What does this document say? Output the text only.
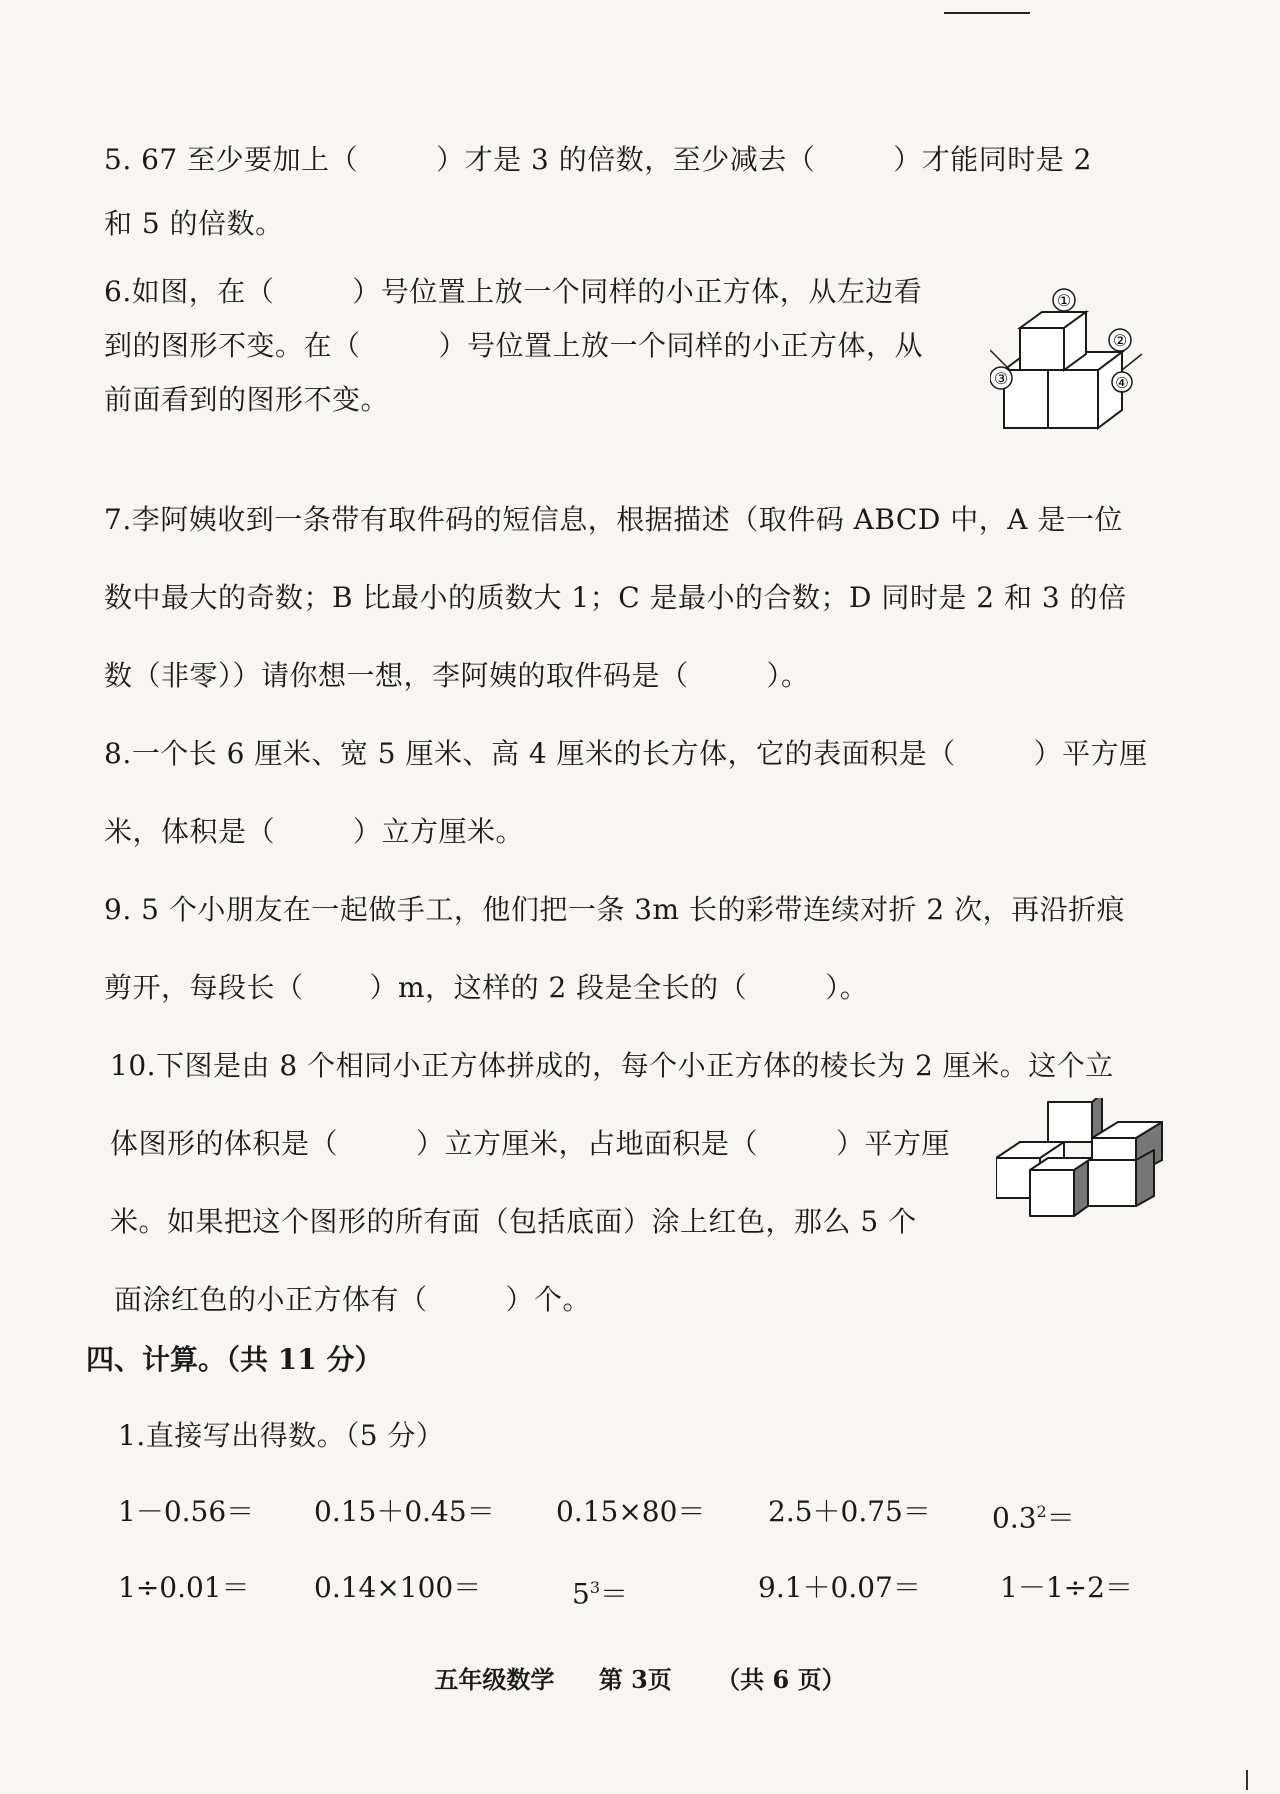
5. 67 至少要加上（	）才是 3 的倍数，至少减去（	）才能同时是 2
和 5 的倍数。
6.如图，在（	）号位置上放一个同样的小正方体，从左边看
到的图形不变。在（	）号位置上放一个同样的小正方体，从
前面看到的图形不变。
①
②
③	④
7.李阿姨收到一条带有取件码的短信息，根据描述（取件码 ABCD 中，A 是一位
数中最大的奇数；B 比最小的质数大 1；C 是最小的合数；D 同时是 2 和 3 的倍
数（非零））请你想一想，李阿姨的取件码是（	）。
8.一个长 6 厘米、宽 5 厘米、高 4 厘米的长方体，它的表面积是（	）平方厘
米，体积是（	）立方厘米。
9. 5 个小朋友在一起做手工，他们把一条 3m 长的彩带连续对折 2 次，再沿折痕
剪开，每段长（ ）m，这样的 2 段是全长的（	）。
10.下图是由 8 个相同小正方体拼成的，每个小正方体的棱长为 2 厘米。这个立
体图形的体积是（	）立方厘米，占地面积是（	）平方厘
米。如果把这个图形的所有面（包括底面）涂上红色，那么 5 个
面涂红色的小正方体有（	）个。
四、计算。（共 11 分）
1.直接写出得数。（5 分）
$1-0.56= 0.15+0.45= 0.15\times 80= 2.5+0.75= 0.3^2=$
1÷0.01＝ 0.14×100＝	$5^3=$	9.1＋0.07＝	1－1÷2＝
五年级数学 第 3页 （共 6 页）
